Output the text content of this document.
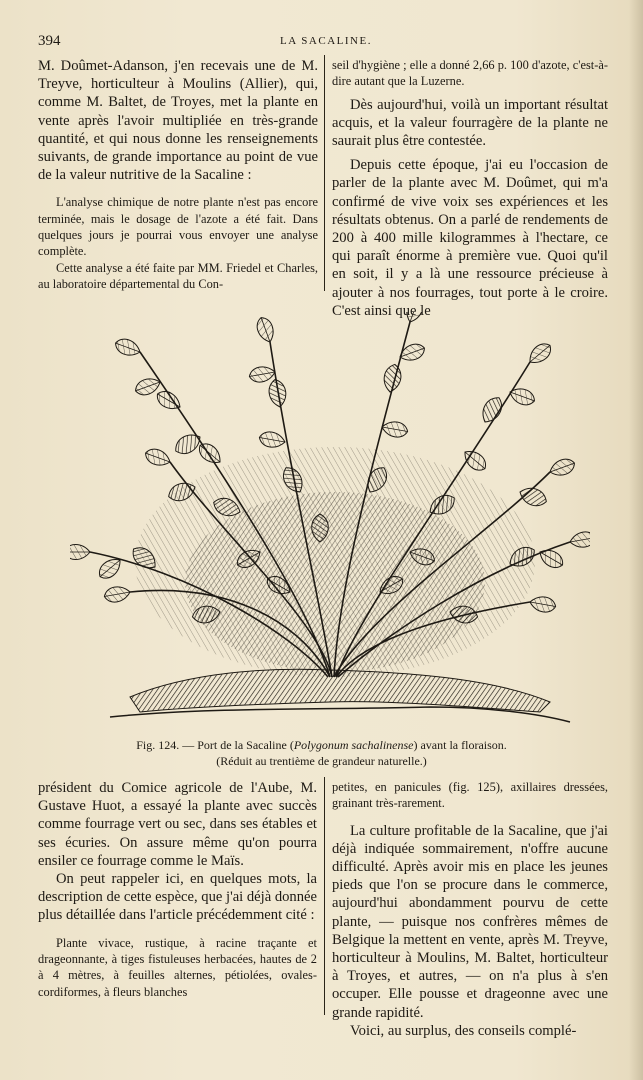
394	LA SACALINE.

M. Doûmet-Adanson, j'en recevais une de M. Treyve, horticulteur à Moulins (Allier), qui, comme M. Baltet, de Troyes, met la plante en vente après l'avoir multipliée en très-grande quantité, et qui nous donne les renseignements suivants, de grande importance au point de vue de la valeur nutritive de la Sacaline :

L'analyse chimique de notre plante n'est pas encore terminée, mais le dosage de l'azote a été fait. Dans quelques jours je pourrai vous envoyer une analyse complète.

Cette analyse a été faite par MM. Friedel et Charles, au laboratoire départemental du Con-

seil d'hygiène ; elle a donné 2,66 p. 100 d'azote, c'est-à-dire autant que la Luzerne.

Dès aujourd'hui, voilà un important résultat acquis, et la valeur fourragère de la plante ne saurait plus être contestée.

Depuis cette époque, j'ai eu l'occasion de parler de la plante avec M. Doûmet, qui m'a confirmé de vive voix ses expériences et les résultats obtenus. On a parlé de rendements de 200 à 400 mille kilogrammes à l'hectare, ce qui paraît énorme à première vue. Quoi qu'il en soit, il y a là une ressource précieuse à ajouter à nos fourrages, tout porte à le croire. C'est ainsi que le

Fig. 124. — Port de la Sacaline (Polygonum sachalinense) avant la floraison.
(Réduit au trentième de grandeur naturelle.)

président du Comice agricole de l'Aube, M. Gustave Huot, a essayé la plante avec succès comme fourrage vert ou sec, dans ses étables et ses écuries. On assure même qu'on pourra ensiler ce fourrage comme le Maïs.

On peut rappeler ici, en quelques mots, la description de cette espèce, que j'ai déjà donnée plus détaillée dans l'article précédemment cité :

Plante vivace, rustique, à racine traçante et drageonnante, à tiges fistuleuses herbacées, hautes de 2 à 4 mètres, à feuilles alternes, pétiolées, ovales-cordiformes, à fleurs blanches

petites, en panicules (fig. 125), axillaires dressées, grainant très-rarement.

La culture profitable de la Sacaline, que j'ai déjà indiquée sommairement, n'offre aucune difficulté. Après avoir mis en place les jeunes pieds que l'on se procure dans le commerce, aujourd'hui abondamment pourvu de cette plante, — puisque nos confrères mêmes de Belgique la mettent en vente, après M. Treyve, horticulteur à Moulins, M. Baltet, horticulteur à Troyes, et autres, — on n'a plus à s'en occuper. Elle pousse et drageonne avec une grande rapidité.

Voici, au surplus, des conseils complé-
